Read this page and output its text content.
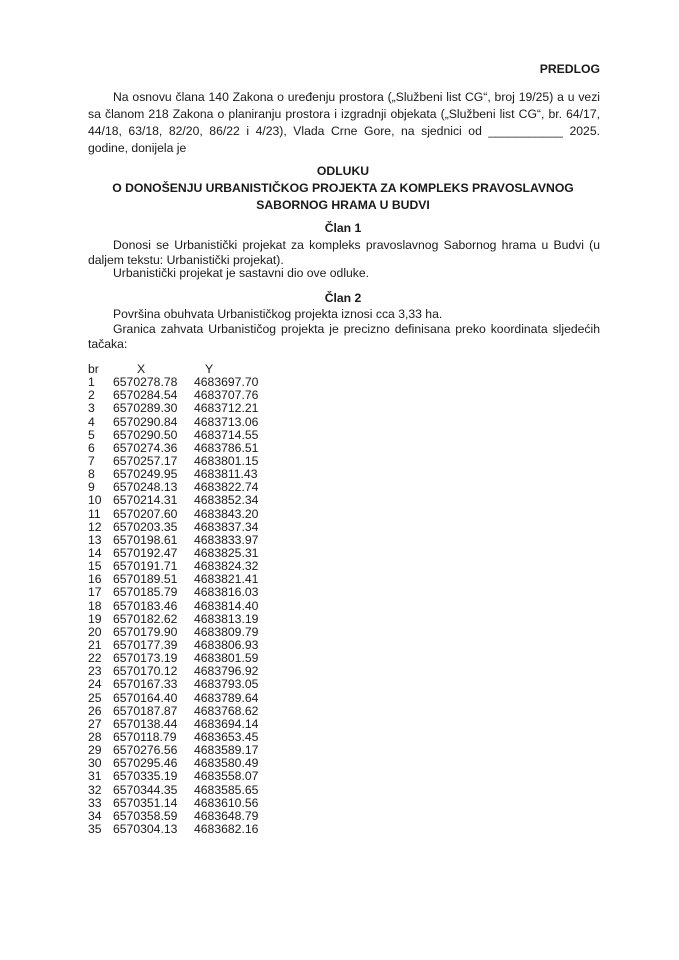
PREDLOG
Na osnovu člana 140 Zakona o uređenju prostora („Službeni list CG“, broj 19/25) a u vezi sa članom 218 Zakona o planiranju prostora i izgradnji objekata („Službeni list CG“, br. 64/17, 44/18, 63/18, 82/20, 86/22 i 4/23), Vlada Crne Gore, na sjednici od ___________ 2025. godine, donijela je
ODLUKU
O DONOŠENJU URBANISTIČKOG PROJEKTA ZA KOMPLEKS PRAVOSLAVNOG
SABORNOG HRAMA U BUDVI
Član 1
Donosi se Urbanistički projekat za kompleks pravoslavnog Sabornog hrama u Budvi (u daljem tekstu: Urbanistički projekat).
Urbanistički projekat je sastavni dio ove odluke.
Član 2
Površina obuhvata Urbanističkog projekta iznosi cca 3,33 ha.
Granica zahvata Urbanističog projekta je precizno definisana preko koordinata sljedećih tačaka:
br	X	Y
1 6570278.78 4683697.70
2 6570284.54 4683707.76
3 6570289.30 4683712.21
4 6570290.84 4683713.06
5 6570290.50 4683714.55
6 6570274.36 4683786.51
7 6570257.17 4683801.15
8 6570249.95 4683811.43
9 6570248.13 4683822.74
10 6570214.31 4683852.34
11 6570207.60 4683843.20
12 6570203.35 4683837.34
13 6570198.61 4683833.97
14 6570192.47 4683825.31
15 6570191.71 4683824.32
16 6570189.51 4683821.41
17 6570185.79 4683816.03
18 6570183.46 4683814.40
19 6570182.62 4683813.19
20 6570179.90 4683809.79
21 6570177.39 4683806.93
22 6570173.19 4683801.59
23 6570170.12 4683796.92
24 6570167.33 4683793.05
25 6570164.40 4683789.64
26 6570187.87 4683768.62
27 6570138.44 4683694.14
28 6570118.79 4683653.45
29 6570276.56 4683589.17
30 6570295.46 4683580.49
31 6570335.19 4683558.07
32 6570344.35 4683585.65
33 6570351.14 4683610.56
34 6570358.59 4683648.79
35 6570304.13 4683682.16
